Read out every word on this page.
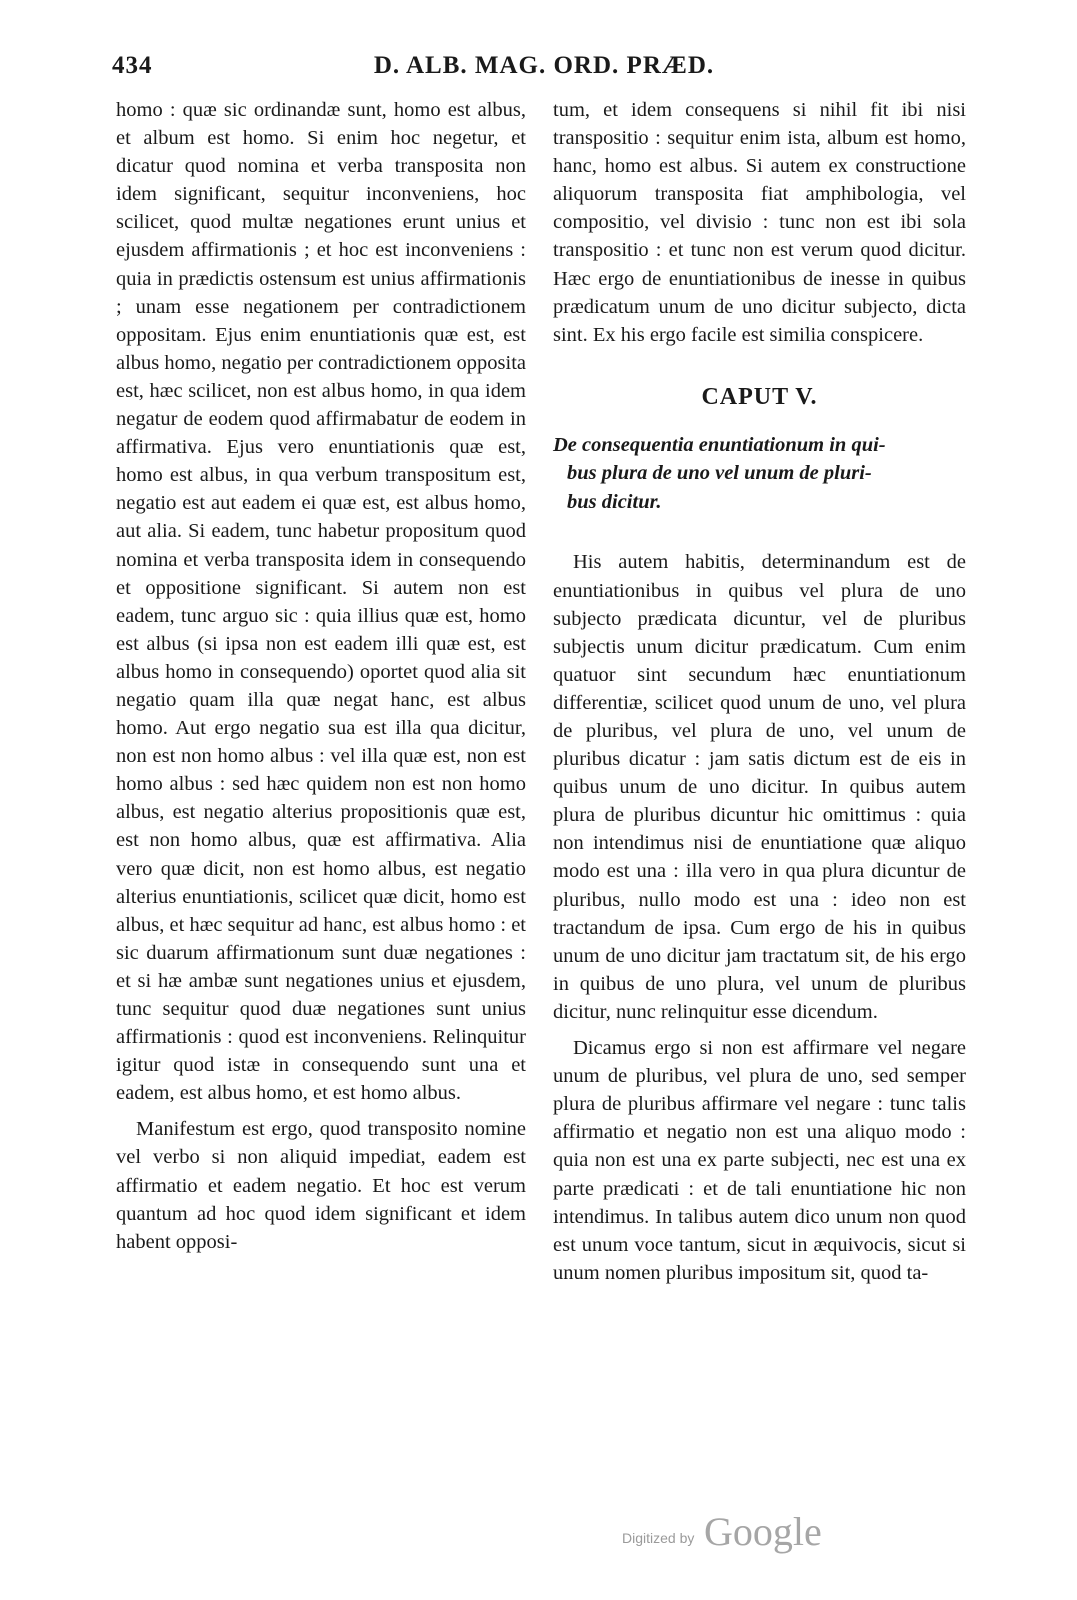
434	D. ALB. MAG. ORD. PRÆD.

homo : quæ sic ordinandæ sunt, homo est albus, et album est homo. Si enim hoc negetur, et dicatur quod nomina et verba transposita non idem significant, sequitur inconveniens, hoc scilicet, quod multæ negationes erunt unius et ejusdem affirmationis ; et hoc est inconveniens : quia in prædictis ostensum est unius affirmationis ; unam esse negationem per contradictionem oppositam. Ejus enim enuntiationis quæ est, est albus homo, negatio per contradictionem opposita est, hæc scilicet, non est albus homo, in qua idem negatur de eodem quod affirmabatur de eodem in affirmativa. Ejus vero enuntiationis quæ est, homo est albus, in qua verbum transpositum est, negatio est aut eadem ei quæ est, est albus homo, aut alia. Si eadem, tunc habetur propositum quod nomina et verba transposita idem in consequendo et oppositione significant. Si autem non est eadem, tunc arguo sic : quia illius quæ est, homo est albus (si ipsa non est eadem illi quæ est, est albus homo in consequendo) oportet quod alia sit negatio quam illa quæ negat hanc, est albus homo. Aut ergo negatio sua est illa qua dicitur, non est non homo albus : vel illa quæ est, non est homo albus : sed hæc quidem non est non homo albus, est negatio alterius propositionis quæ est, est non homo albus, quæ est affirmativa. Alia vero quæ dicit, non est homo albus, est negatio alterius enuntiationis, scilicet quæ dicit, homo est albus, et hæc sequitur ad hanc, est albus homo : et sic duarum affirmationum sunt duæ negationes : et si hæ ambæ sunt negationes unius et ejusdem, tunc sequitur quod duæ negationes sunt unius affirmationis : quod est inconveniens. Relinquitur igitur quod istæ in consequendo sunt una et eadem, est albus homo, et est homo albus.

Manifestum est ergo, quod transposito nomine vel verbo si non aliquid impediat, eadem est affirmatio et eadem negatio. Et hoc est verum quantum ad hoc quod idem significant et idem habent opposi-

tum, et idem consequens si nihil fit ibi nisi transpositio : sequitur enim ista, album est homo, hanc, homo est albus. Si autem ex constructione aliquorum transposita fiat amphibologia, vel compositio, vel divisio : tunc non est ibi sola transpositio : et tunc non est verum quod dicitur. Hæc ergo de enuntiationibus de inesse in quibus prædicatum unum de uno dicitur subjecto, dicta sint. Ex his ergo facile est similia conspicere.

CAPUT V.

De consequentia enuntiationum in qui-
bus plura de uno vel unum de pluri-
bus dicitur.

His autem habitis, determinandum est de enuntiationibus in quibus vel plura de uno subjecto prædicata dicuntur, vel de pluribus subjectis unum dicitur prædicatum. Cum enim quatuor sint secundum hæc enuntiationum differentiæ, scilicet quod unum de uno, vel plura de pluribus, vel plura de uno, vel unum de pluribus dicatur : jam satis dictum est de eis in quibus unum de uno dicitur. In quibus autem plura de pluribus dicuntur hic omittimus : quia non intendimus nisi de enuntiatione quæ aliquo modo est una : illa vero in qua plura dicuntur de pluribus, nullo modo est una : ideo non est tractandum de ipsa. Cum ergo de his in quibus unum de uno dicitur jam tractatum sit, de his ergo in quibus de uno plura, vel unum de pluribus dicitur, nunc relinquitur esse dicendum.

Dicamus ergo si non est affirmare vel negare unum de pluribus, vel plura de uno, sed semper plura de pluribus affirmare vel negare : tunc talis affirmatio et negatio non est una aliquo modo : quia non est una ex parte subjecti, nec est una ex parte prædicati : et de tali enuntiatione hic non intendimus. In talibus autem dico unum non quod est unum voce tantum, sicut in æquivocis, sicut si unum nomen pluribus impositum sit, quod ta-

Digitized by Google
